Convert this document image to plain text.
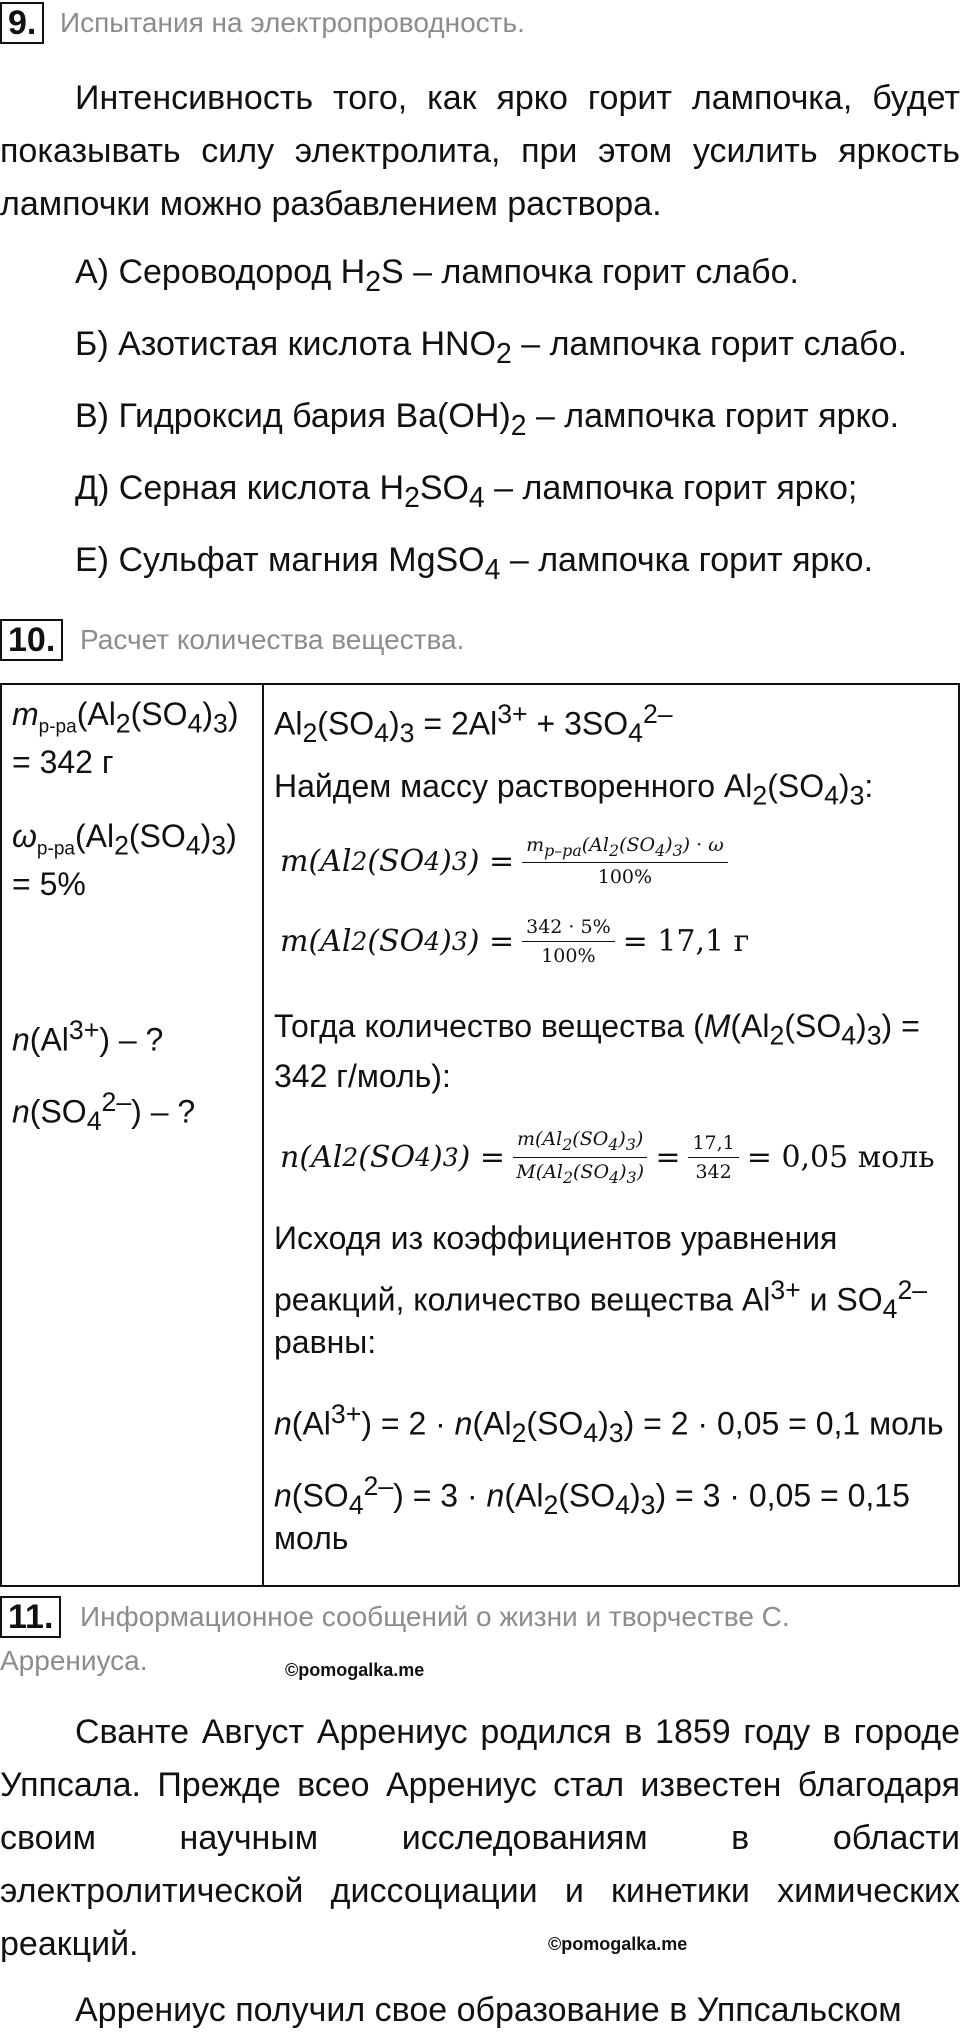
9. Испытания на электропроводность.
Интенсивность того, как ярко горит лампочка, будет показывать силу электролита, при этом усилить яркость лампочки можно разбавлением раствора.
А) Сероводород $H_2S$ – лампочка горит слабо.
Б) Азотистая кислота $HNO_2$ – лампочка горит слабо.
В) Гидроксид бария $Ba(OH)_2$ – лампочка горит ярко.
Д) Серная кислота $H_2SO_4$ – лампочка горит ярко;
Е) Сульфат магния MgSO$_4$ – лампочка горит ярко.
10. Расчет количества вещества.
$m_{р-ра}(Al_2(SO_4)_3)$
= 342 г
$\omega_{р-ра}(Al_2(SO_4)_3)$
= 5%
$n(Al^{3+})$ – ?
$n(SO_4^{2-})$ – ?
$Al_2(SO_4)_3 = 2Al^{3+} + 3SO_4^{2-}$
Найдем массу растворенного $Al_2(SO_4)_3$:
m(Al 2 (SO 4 ) 3 ) = $\frac{m_{р-ра}(Al_2(SO_4)_3) \cdot \omega}{100\%}$
m(Al 2 (SO 4 ) 3 ) = $\frac{342 \cdot 5\%}{100\%} = 17,1$ г
Тогда количество вещества ($M(Al_2(SO_4)_3)$ =
342 г/моль):
n(Al 2 (SO 4 ) 3 ) = $\frac{m(Al_2(SO_4)_3)}{M(Al_2(SO_4)_3)} = \frac{17,1}{342} = 0,05$ моль
Исходя из коэффициентов уравнения
реакций, количество вещества $Al^{3+}$ и $SO_4^{2-}$
равны:
$n(Al^{3+}) = 2 \cdot n(Al_2(SO_4)_3) = 2 \cdot 0,05 = 0,1$ моль
$n(SO_4^{2-}) = 3 \cdot n(Al_2(SO_4)_3) = 3 \cdot 0,05 = 0,15$
моль
11. Информационное сообщений о жизни и творчестве С.
Аррениуса.	©pomogalka.me
Сванте Август Аррениус родился в 1859 году в городе Уппсала. Прежде всео Аррениус стал известен благодаря своим научным исследованиям в области электролитической диссоциации и кинетики химических реакций.	©pomogalka.me
Аррениус получил свое образование в Уппсальском
